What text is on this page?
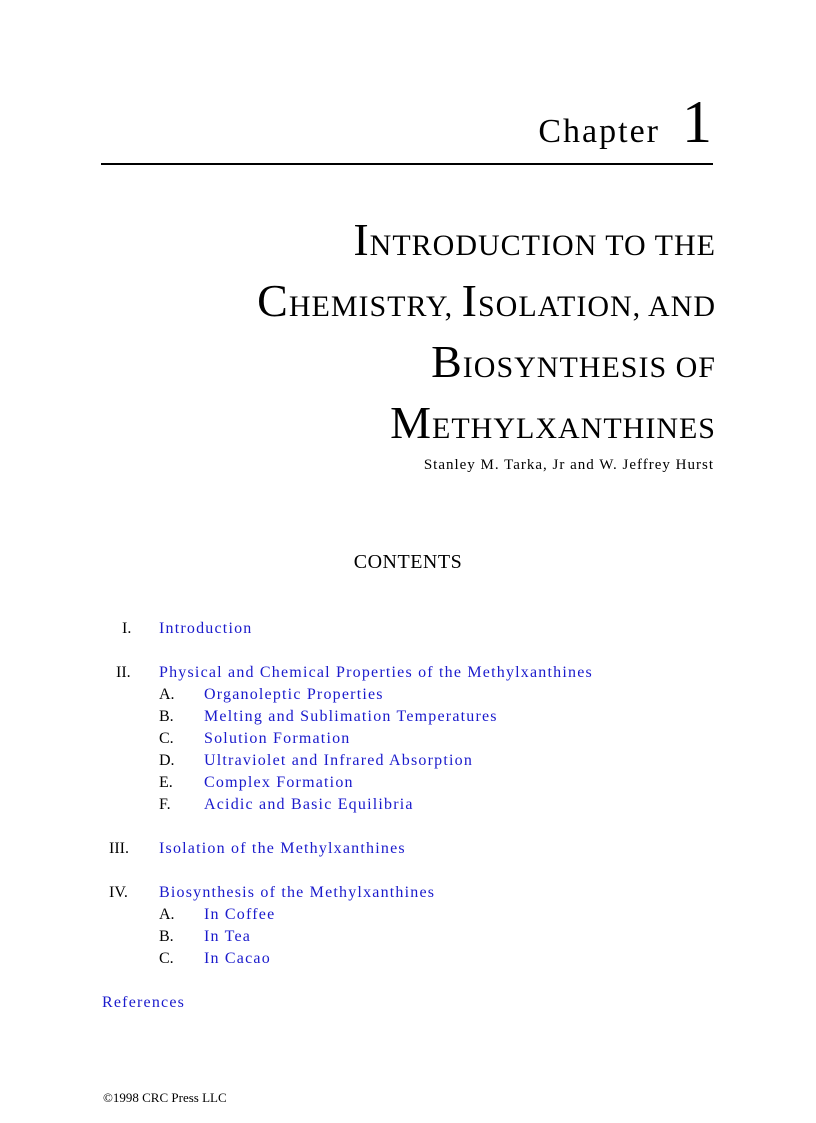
Chapter 1
INTRODUCTION TO THE
CHEMISTRY, ISOLATION, AND
BIOSYNTHESIS OF
METHYLXANTHINES
Stanley M. Tarka, Jr and W. Jeffrey Hurst
CONTENTS
I. Introduction
II. Physical and Chemical Properties of the Methylxanthines
A. Organoleptic Properties
B. Melting and Sublimation Temperatures
C. Solution Formation
D. Ultraviolet and Infrared Absorption
E. Complex Formation
F. Acidic and Basic Equilibria
III. Isolation of the Methylxanthines
IV. Biosynthesis of the Methylxanthines
A. In Coffee
B. In Tea
C. In Cacao
References
©1998 CRC Press LLC
